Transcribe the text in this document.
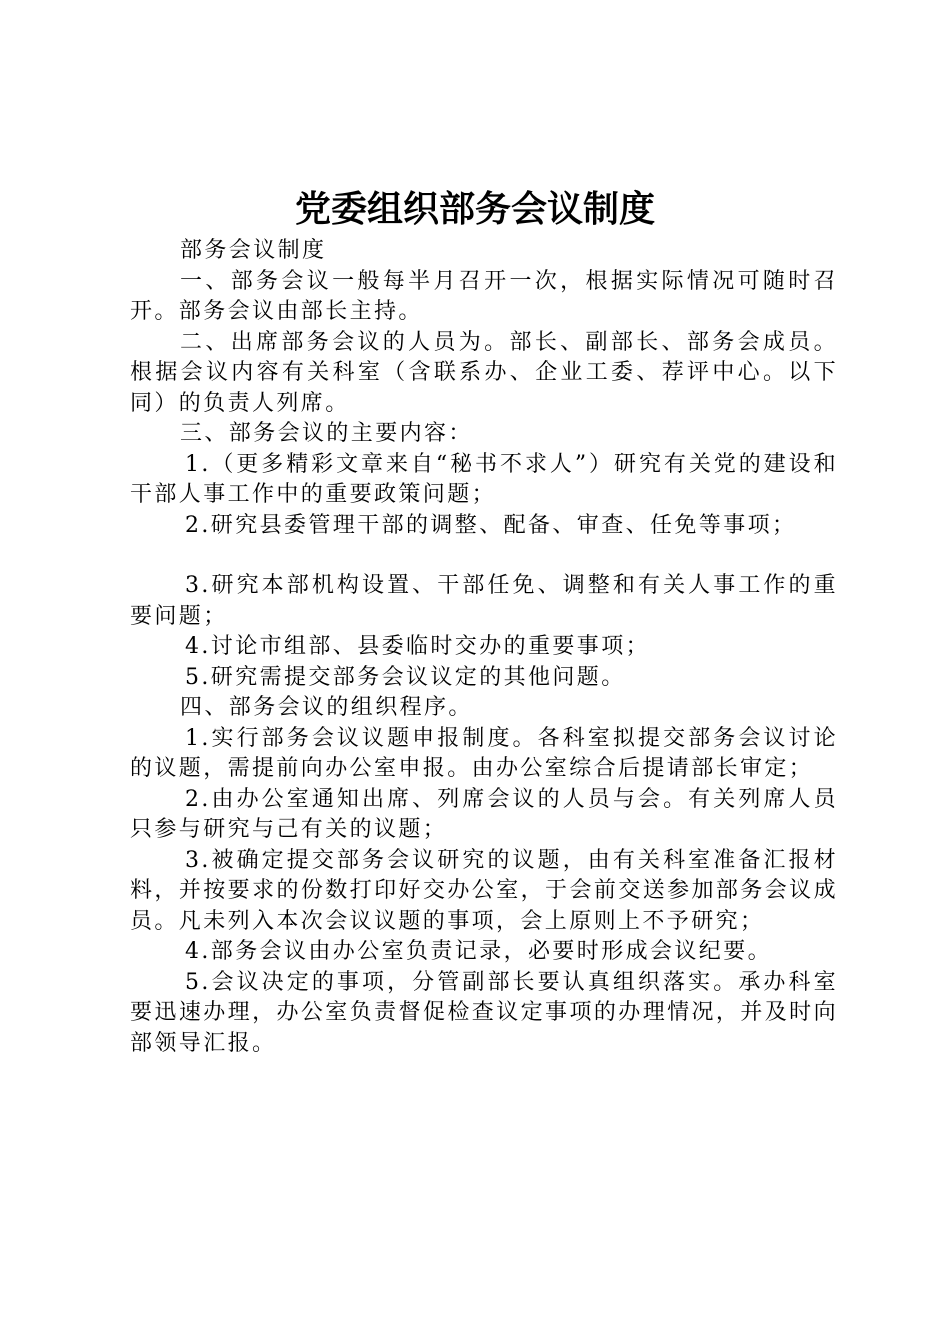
党委组织部务会议制度

部务会议制度

一、部务会议一般每半月召开一次，根据实际情况可随时召开。部务会议由部长主持。

二、出席部务会议的人员为。部长、副部长、部务会成员。根据会议内容有关科室（含联系办、企业工委、荐评中心。以下同）的负责人列席。

三、部务会议的主要内容：

1.（更多精彩文章来自“秘书不求人”）研究有关党的建设和干部人事工作中的重要政策问题；

2.研究县委管理干部的调整、配备、审查、任免等事项；

3.研究本部机构设置、干部任免、调整和有关人事工作的重要问题；

4.讨论市组部、县委临时交办的重要事项；

5.研究需提交部务会议议定的其他问题。

四、部务会议的组织程序。

1.实行部务会议议题申报制度。各科室拟提交部务会议讨论的议题，需提前向办公室申报。由办公室综合后提请部长审定；

2.由办公室通知出席、列席会议的人员与会。有关列席人员只参与研究与己有关的议题；

3.被确定提交部务会议研究的议题，由有关科室准备汇报材料，并按要求的份数打印好交办公室，于会前交送参加部务会议成员。凡未列入本次会议议题的事项，会上原则上不予研究；

4.部务会议由办公室负责记录，必要时形成会议纪要。

5.会议决定的事项，分管副部长要认真组织落实。承办科室要迅速办理，办公室负责督促检查议定事项的办理情况，并及时向部领导汇报。
